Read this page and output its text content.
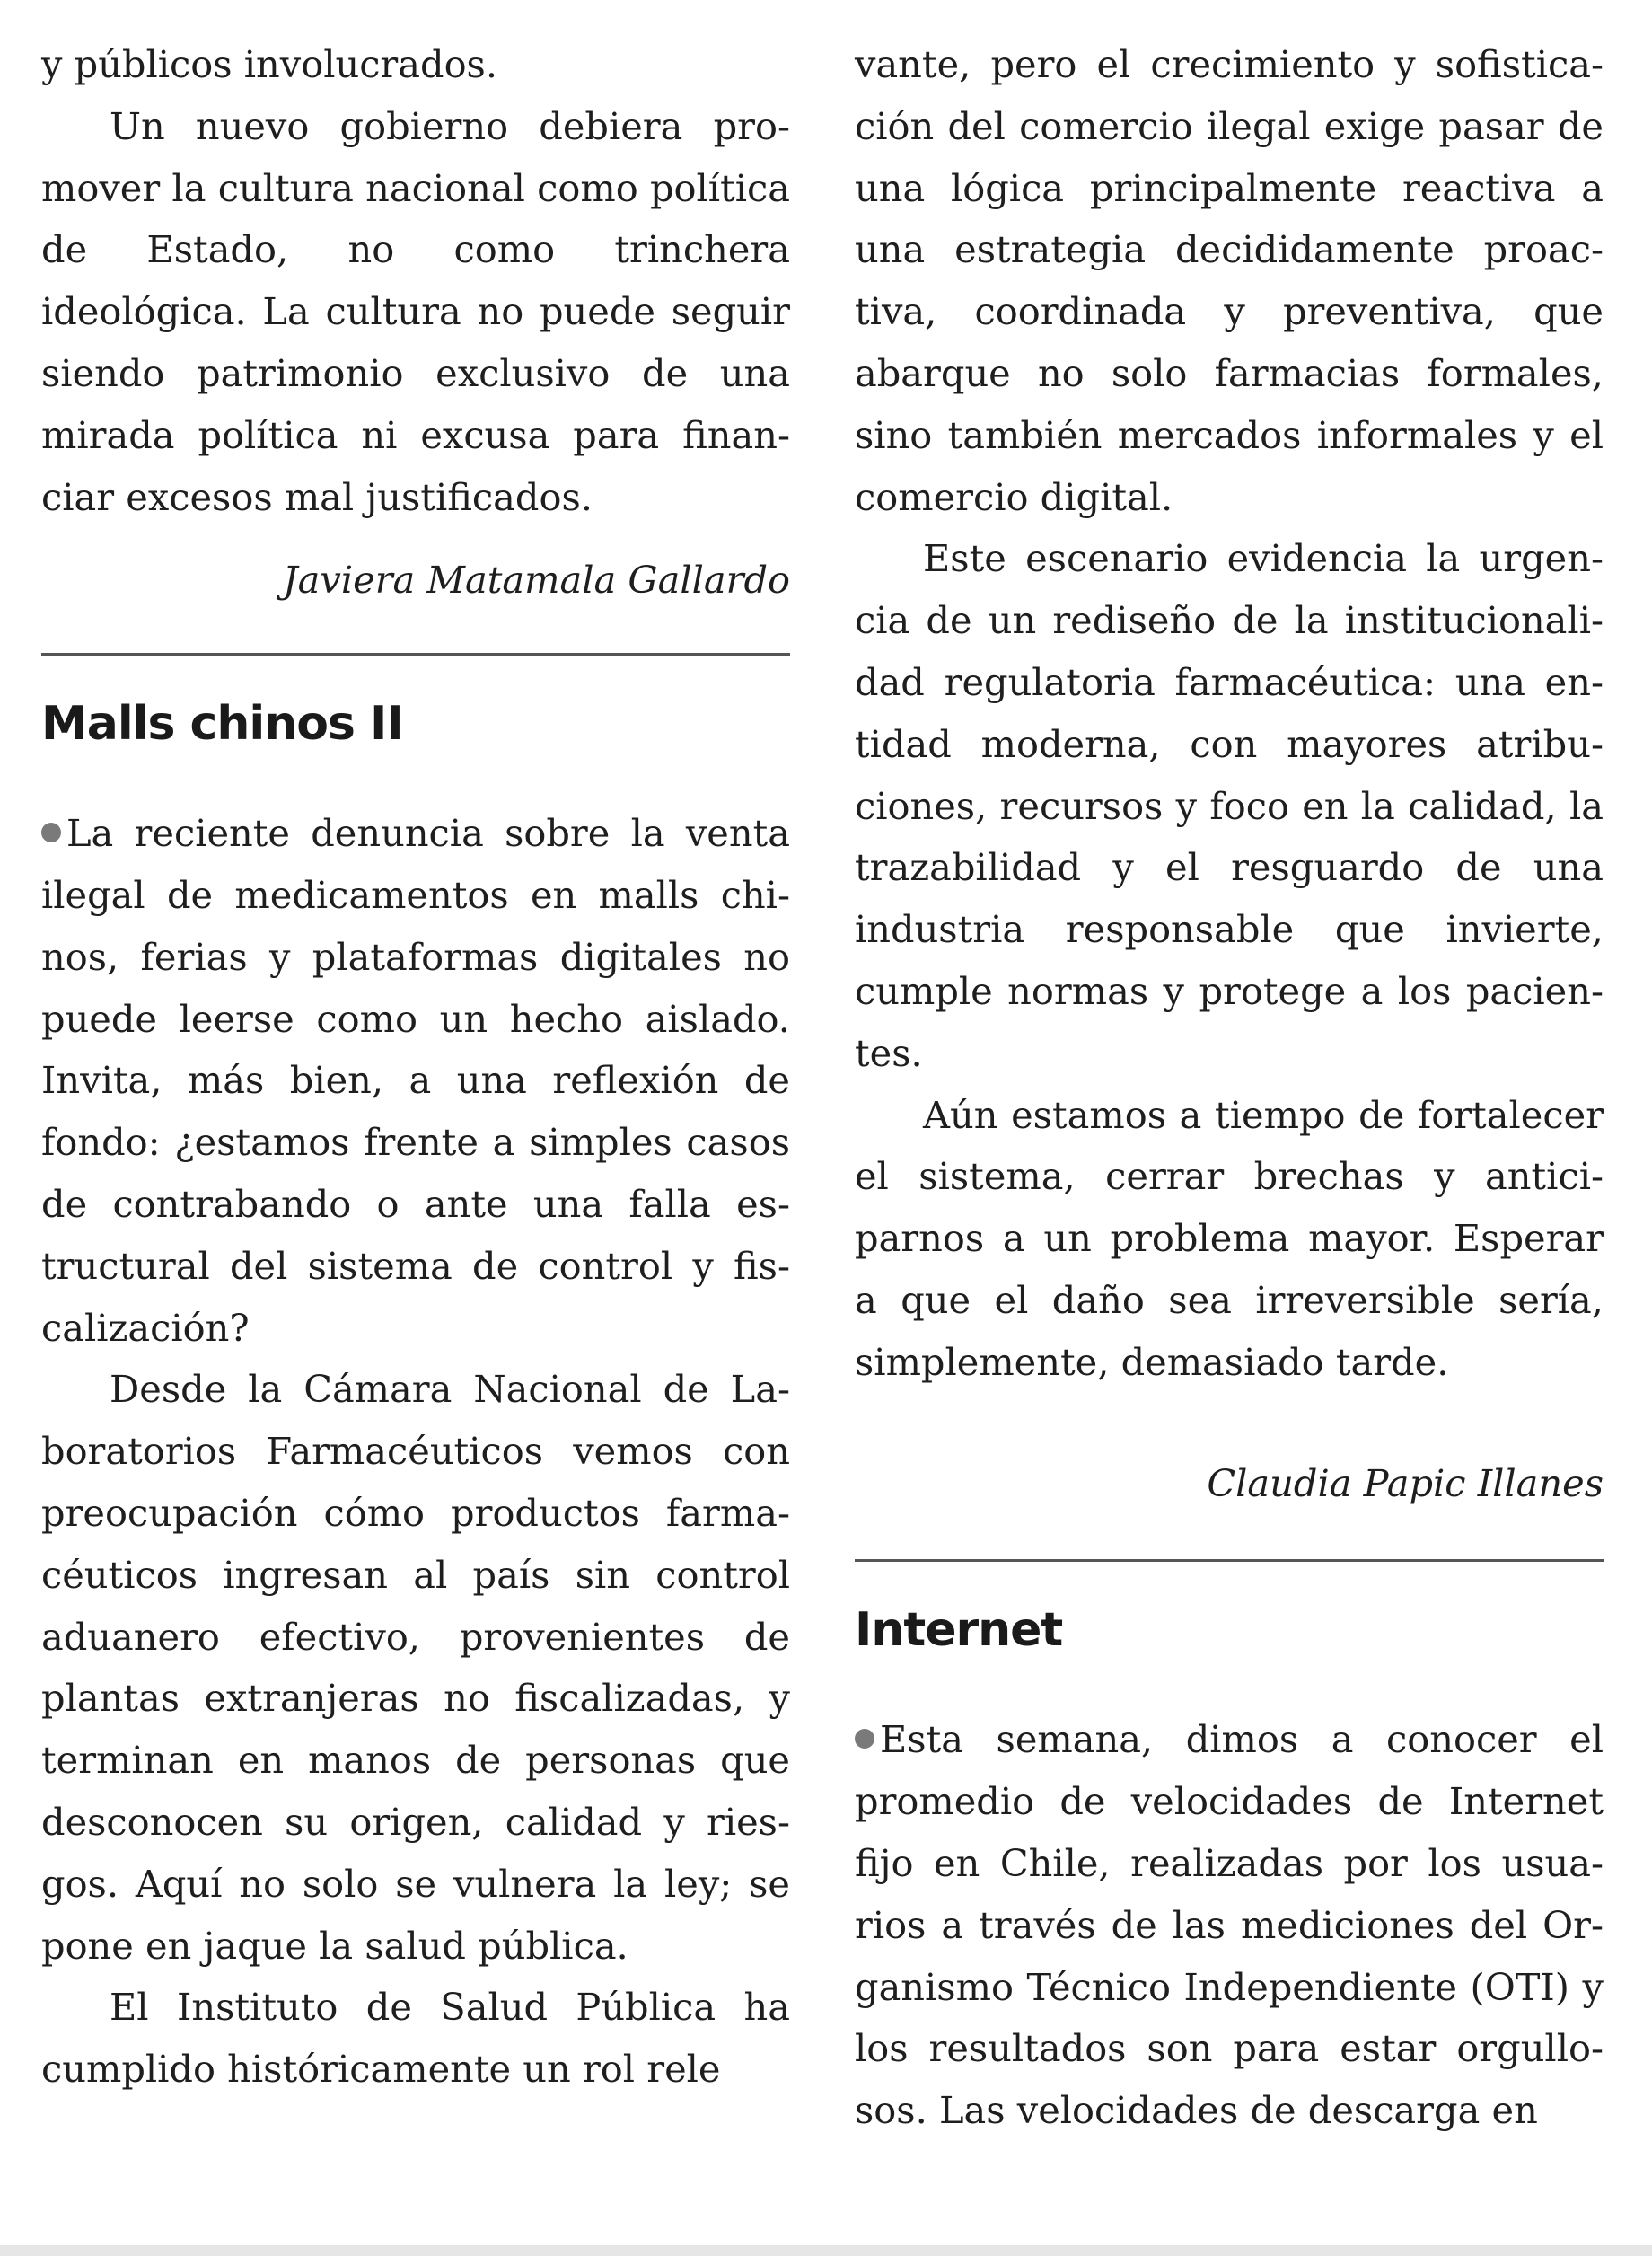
y públicos involucrados.

Un nuevo gobierno debiera promover la cultura nacional como política de Estado, no como trinchera ideológica. La cultura no puede seguir siendo patrimonio exclusivo de una mirada política ni excusa para financiar excesos mal justificados.

Javiera Matamala Gallardo

Malls chinos II

La reciente denuncia sobre la venta ilegal de medicamentos en malls chinos, ferias y plataformas digitales no puede leerse como un hecho aislado. Invita, más bien, a una reflexión de fondo: ¿estamos frente a simples casos de contrabando o ante una falla estructural del sistema de control y fiscalización?

Desde la Cámara Nacional de Laboratorios Farmacéuticos vemos con preocupación cómo productos farmacéuticos ingresan al país sin control aduanero efectivo, provenientes de plantas extranjeras no fiscalizadas, y terminan en manos de personas que desconocen su origen, calidad y riesgos. Aquí no solo se vulnera la ley; se pone en jaque la salud pública.

El Instituto de Salud Pública ha cumplido históricamente un rol rele

vante, pero el crecimiento y sofisticación del comercio ilegal exige pasar de una lógica principalmente reactiva a una estrategia decididamente proactiva, coordinada y preventiva, que abarque no solo farmacias formales, sino también mercados informales y el comercio digital.

Este escenario evidencia la urgencia de un rediseño de la institucionalidad regulatoria farmacéutica: una entidad moderna, con mayores atribuciones, recursos y foco en la calidad, la trazabilidad y el resguardo de una industria responsable que invierte, cumple normas y protege a los pacientes.

Aún estamos a tiempo de fortalecer el sistema, cerrar brechas y anticiparnos a un problema mayor. Esperar a que el daño sea irreversible sería, simplemente, demasiado tarde.

Claudia Papic Illanes

Internet

Esta semana, dimos a conocer el promedio de velocidades de Internet fijo en Chile, realizadas por los usuarios a través de las mediciones del Organismo Técnico Independiente (OTI) y los resultados son para estar orgullosos. Las velocidades de descarga en
